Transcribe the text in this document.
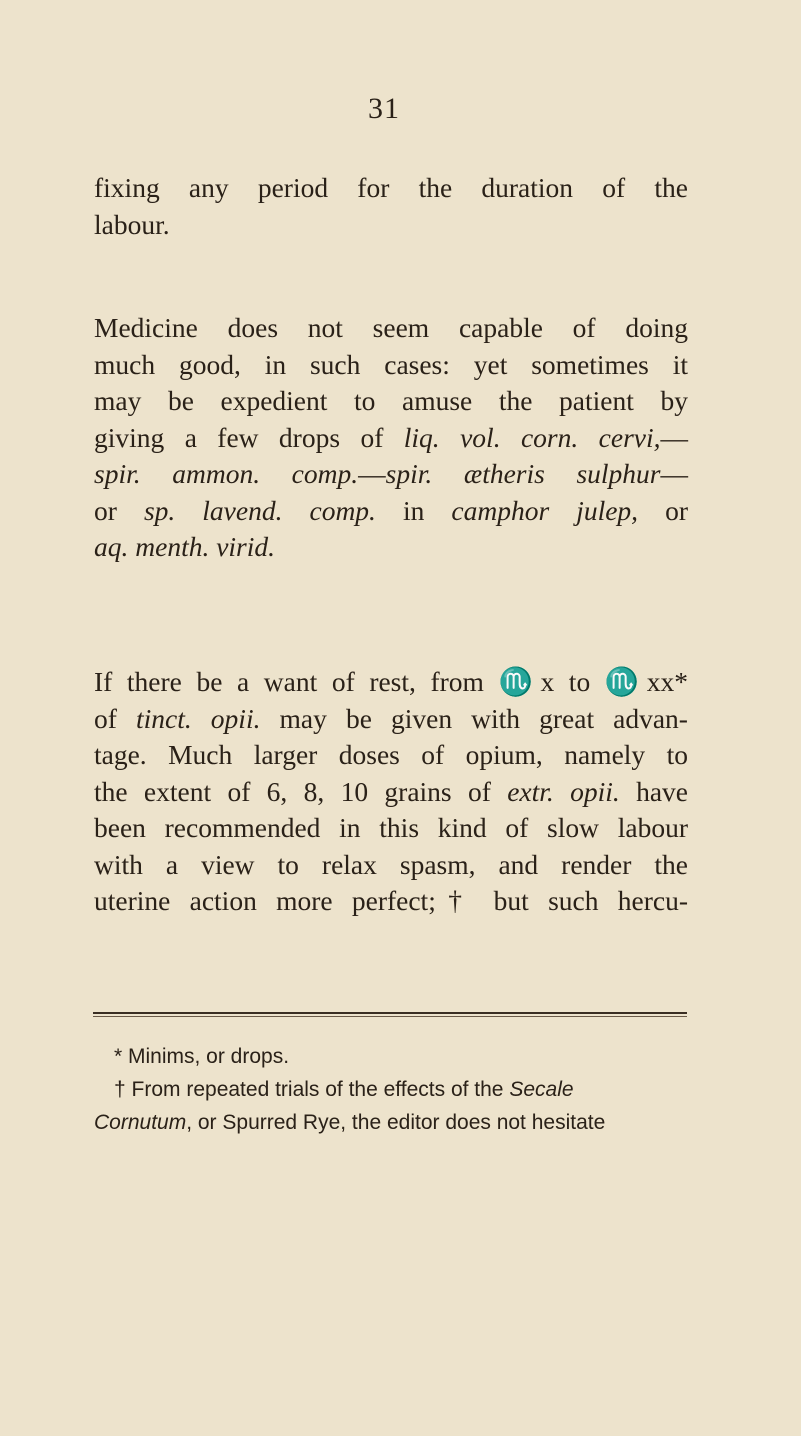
31
fixing any period for the duration of the
labour.
Medicine does not seem capable of doing
much good, in such cases: yet sometimes it
may be expedient to amuse the patient by
giving a few drops of liq. vol. corn. cervi,—
spir. ammon. comp.—spir. ætheris sulphur—
or sp. lavend. comp. in camphor julep, or
aq. menth. virid.
If there be a want of rest, from ♏x to ♏xx*
of tinct. opii. may be given with great advan-
tage. Much larger doses of opium, namely to
the extent of 6, 8, 10 grains of extr. opii. have
been recommended in this kind of slow labour
with a view to relax spasm, and render the
uterine action more perfect;† but such hercu-
* Minims, or drops.
† From repeated trials of the effects of the Secale
Cornutum, or Spurred Rye, the editor does not hesitate
